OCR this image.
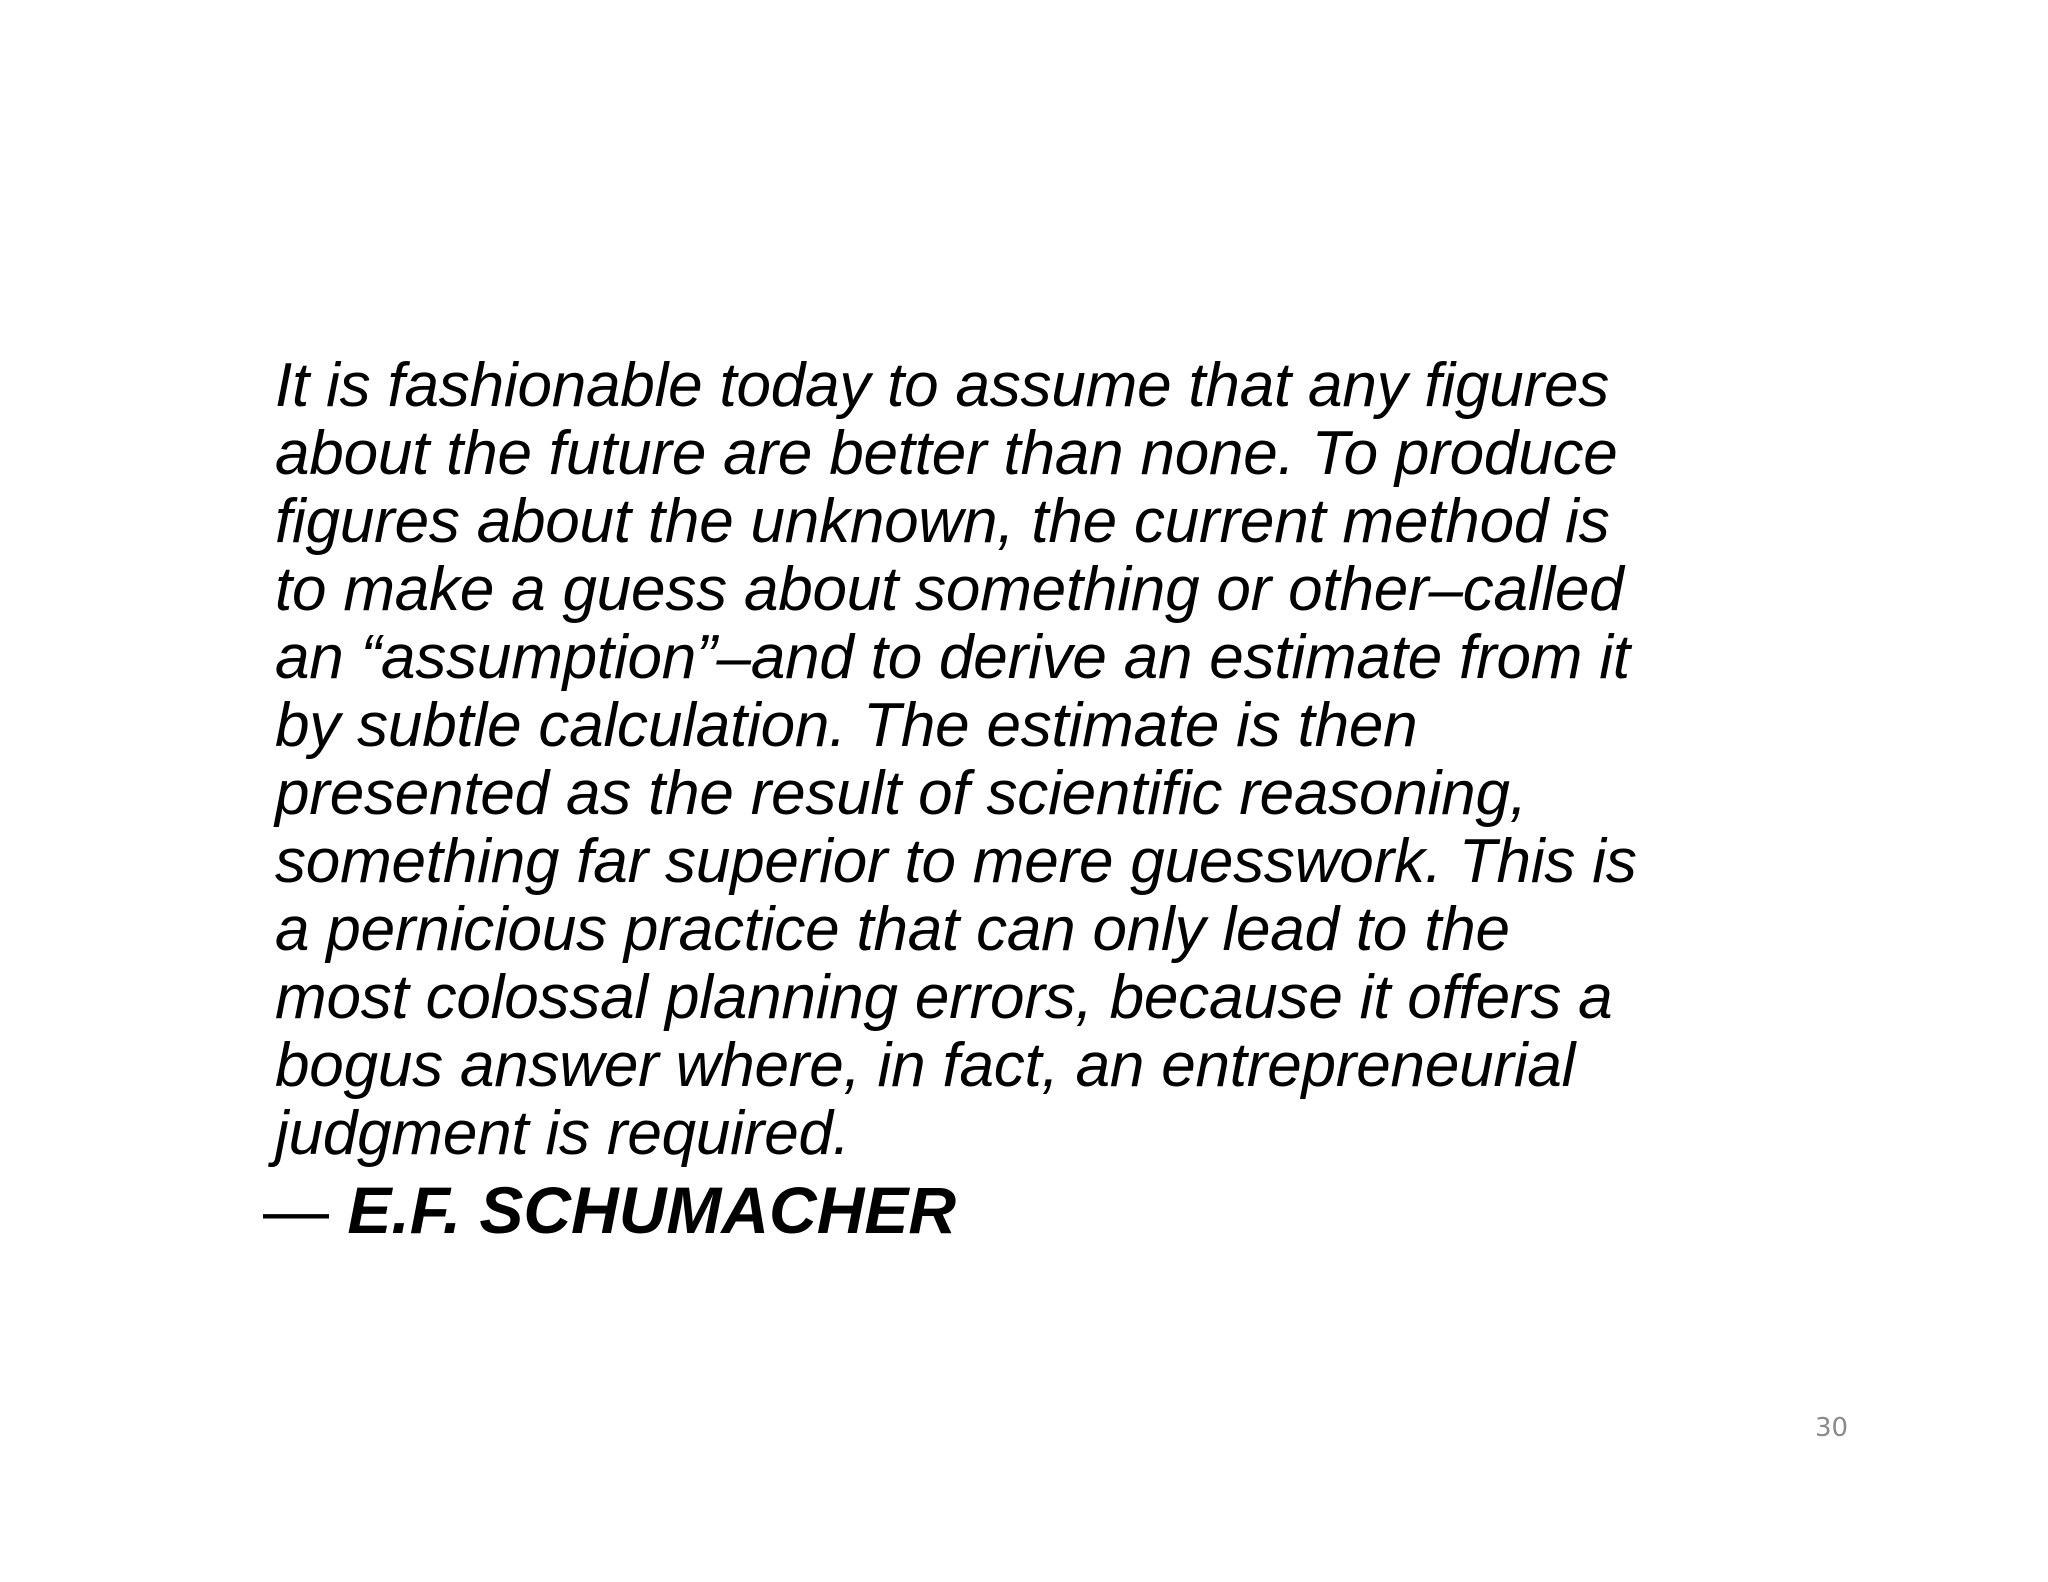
It is fashionable today to assume that any figures
about the future are better than none. To produce
figures about the unknown, the current method is
to make a guess about something or other–called
an “assumption”–and to derive an estimate from it
by subtle calculation. The estimate is then
presented as the result of scientific reasoning,
something far superior to mere guesswork. This is
a pernicious practice that can only lead to the
most colossal planning errors, because it offers a
bogus answer where, in fact, an entrepreneurial
judgment is required.

— E.F. SCHUMACHER
30
